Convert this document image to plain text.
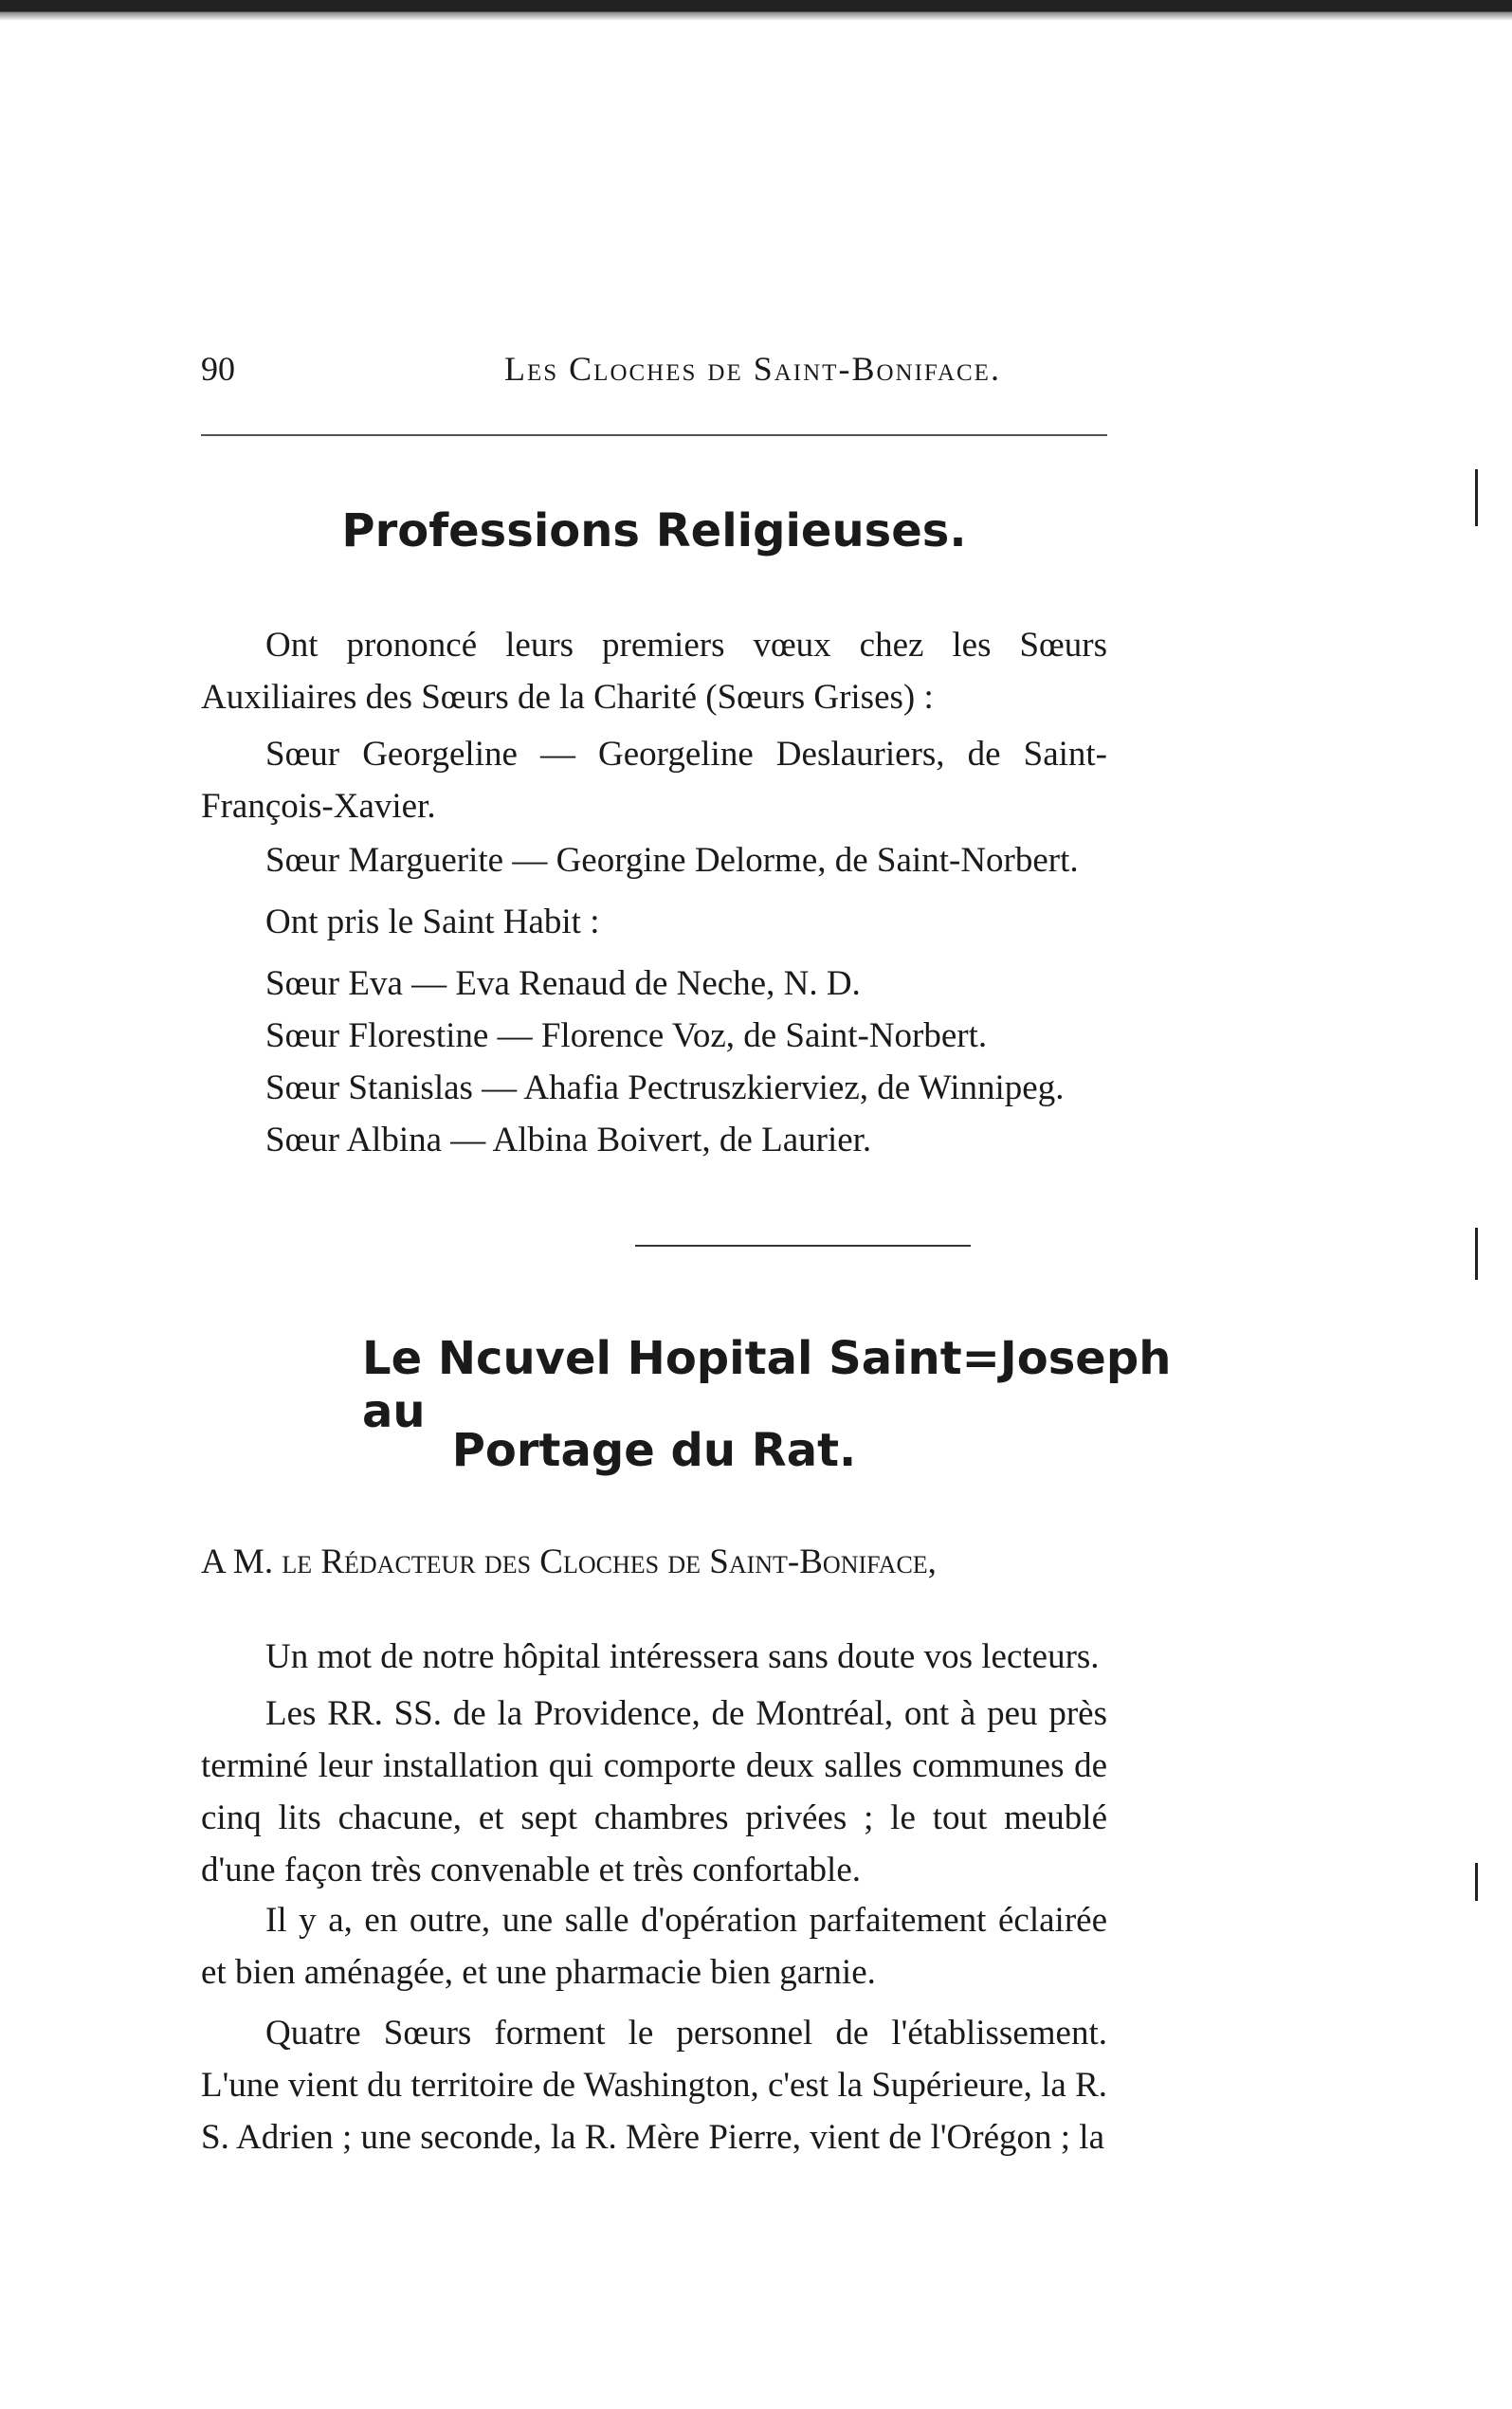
90	Les Cloches de Saint-Boniface.
Professions Religieuses.
Ont prononcé leurs premiers vœux chez les Sœurs Auxiliaires des Sœurs de la Charité (Sœurs Grises) :
Sœur Georgeline — Georgeline Deslauriers, de Saint-François-Xavier.
Sœur Marguerite — Georgine Delorme, de Saint-Norbert.
Ont pris le Saint Habit :
Sœur Eva — Eva Renaud de Neche, N. D.
Sœur Florestine — Florence Voz, de Saint-Norbert.
Sœur Stanislas — Ahafia Pectruszkierviez, de Winnipeg.
Sœur Albina — Albina Boivert, de Laurier.
Le Ncuvel Hopital Saint=Joseph au
Portage du Rat.
A M. le Rédacteur des Cloches de Saint-Boniface,
Un mot de notre hôpital intéressera sans doute vos lecteurs.
Les RR. SS. de la Providence, de Montréal, ont à peu près terminé leur installation qui comporte deux salles communes de cinq lits chacune, et sept chambres privées ; le tout meublé d'une façon très convenable et très confortable.
Il y a, en outre, une salle d'opération parfaitement éclairée et bien aménagée, et une pharmacie bien garnie.
Quatre Sœurs forment le personnel de l'établissement. L'une vient du territoire de Washington, c'est la Supérieure, la R. S. Adrien ; une seconde, la R. Mère Pierre, vient de l'Orégon ; la
